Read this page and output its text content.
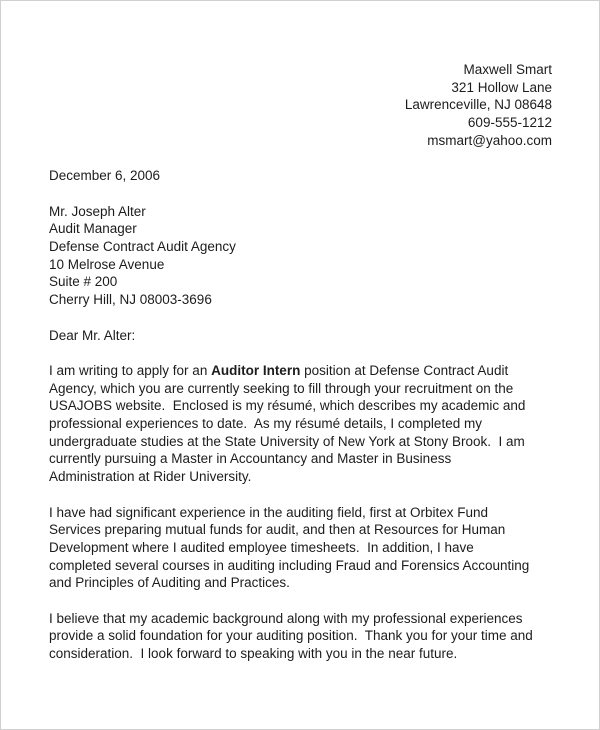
Maxwell Smart
321 Hollow Lane
Lawrenceville, NJ 08648
609-555-1212
msmart@yahoo.com
December 6, 2006
Mr. Joseph Alter
Audit Manager
Defense Contract Audit Agency
10 Melrose Avenue
Suite # 200
Cherry Hill, NJ 08003-3696
Dear Mr. Alter:
I am writing to apply for an Auditor Intern position at Defense Contract Audit
Agency, which you are currently seeking to fill through your recruitment on the
USAJOBS website.  Enclosed is my résumé, which describes my academic and
professional experiences to date.  As my résumé details, I completed my
undergraduate studies at the State University of New York at Stony Brook.  I am
currently pursuing a Master in Accountancy and Master in Business
Administration at Rider University.
I have had significant experience in the auditing field, first at Orbitex Fund
Services preparing mutual funds for audit, and then at Resources for Human
Development where I audited employee timesheets.  In addition, I have
completed several courses in auditing including Fraud and Forensics Accounting
and Principles of Auditing and Practices.
I believe that my academic background along with my professional experiences
provide a solid foundation for your auditing position.  Thank you for your time and
consideration.  I look forward to speaking with you in the near future.
